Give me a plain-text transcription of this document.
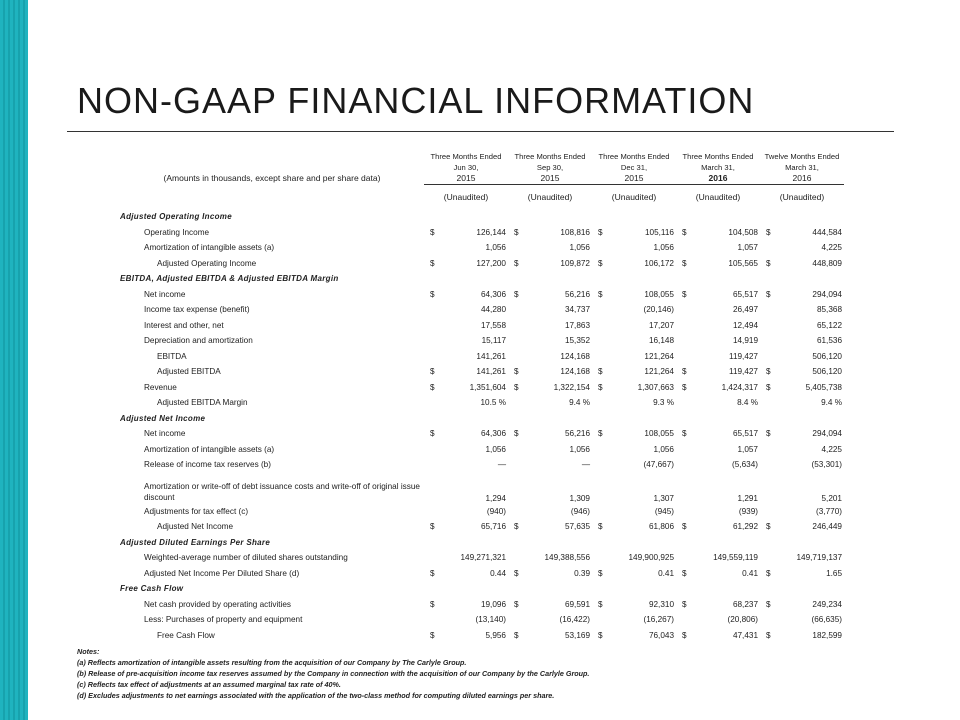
NON-GAAP FINANCIAL INFORMATION
	Three Months Ended		Three Months Ended		Three Months Ended		Three Months Ended		Twelve Months Ended	
	Jun 30,		Sep 30,		Dec 31,		March 31,		March 31,	
(Amounts in thousands, except share and per share data)	2015		2015		2015		2016		2016	
	(Unaudited)		(Unaudited)		(Unaudited)		(Unaudited)		(Unaudited)	
Adjusted Operating Income										
Operating Income	$	126,144	$	108,816	$	105,116	$	104,508	$	444,584
Amortization of intangible assets (a)		1,056		1,056		1,056		1,057		4,225
Adjusted Operating Income	$	127,200	$	109,872	$	106,172	$	105,565	$	448,809
EBITDA, Adjusted EBITDA & Adjusted EBITDA Margin										
Net income	$	64,306	$	56,216	$	108,055	$	65,517	$	294,094
Income tax expense (benefit)		44,280		34,737		(20,146)		26,497		85,368
Interest and other, net		17,558		17,863		17,207		12,494		65,122
Depreciation and amortization		15,117		15,352		16,148		14,919		61,536
EBITDA		141,261		124,168		121,264		119,427		506,120
Adjusted EBITDA	$	141,261	$	124,168	$	121,264	$	119,427	$	506,120
Revenue	$	1,351,604	$	1,322,154	$	1,307,663	$	1,424,317	$	5,405,738
Adjusted EBITDA Margin		10.5 %		9.4 %		9.3 %		8.4 %		9.4 %
Adjusted Net Income										
Net income	$	64,306	$	56,216	$	108,055	$	65,517	$	294,094
Amortization of intangible assets (a)		1,056		1,056		1,056		1,057		4,225
Release of income tax reserves (b)		—		—		(47,667)		(5,634)		(53,301)
Amortization or write-off of debt issuance costs and write-off of original issue discount		1,294		1,309		1,307		1,291		5,201
Adjustments for tax effect (c)		(940)		(946)		(945)		(939)		(3,770)
Adjusted Net Income	$	65,716	$	57,635	$	61,806	$	61,292	$	246,449
Adjusted Diluted Earnings Per Share										
Weighted-average number of diluted shares outstanding		149,271,321		149,388,556		149,900,925		149,559,119		149,719,137
Adjusted Net Income Per Diluted Share (d)	$	0.44	$	0.39	$	0.41	$	0.41	$	1.65
Free Cash Flow										
Net cash provided by operating activities	$	19,096	$	69,591	$	92,310	$	68,237	$	249,234
Less: Purchases of property and equipment		(13,140)		(16,422)		(16,267)		(20,806)		(66,635)
Free Cash Flow	$	5,956	$	53,169	$	76,043	$	47,431	$	182,599
Notes:
(a) Reflects amortization of intangible assets resulting from the acquisition of our Company by The Carlyle Group.
(b) Release of pre-acquisition income tax reserves assumed by the Company in connection with the acquisition of our Company by the Carlyle Group.
(c) Reflects tax effect of adjustments at an assumed marginal tax rate of 40%.
(d) Excludes adjustments to net earnings associated with the application of the two-class method for computing diluted earnings per share.
